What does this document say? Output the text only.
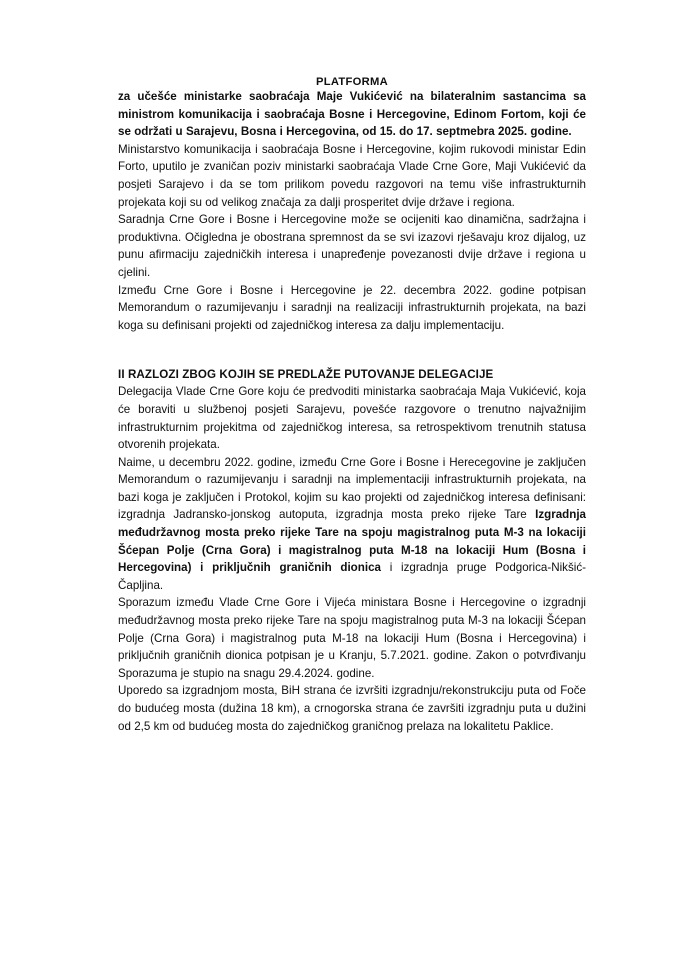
PLATFORMA

za učešće ministarke saobraćaja Maje Vukićević na bilateralnim sastancima sa ministrom komunikacija i saobraćaja Bosne i Hercegovine, Edinom Fortom, koji će se održati u Sarajevu, Bosna i Hercegovina, od 15. do 17. septmebra 2025. godine.

Ministarstvo komunikacija i saobraćaja Bosne i Hercegovine, kojim rukovodi ministar Edin Forto, uputilo je zvaničan poziv ministarki saobraćaja Vlade Crne Gore, Maji Vukićević da posjeti Sarajevo i da se tom prilikom povedu razgovori na temu više infrastrukturnih projekata koji su od velikog značaja za dalji prosperitet dvije države i regiona.

Saradnja Crne Gore i Bosne i Hercegovine može se ocijeniti kao dinamična, sadržajna i produktivna. Očigledna je obostrana spremnost da se svi izazovi rješavaju kroz dijalog, uz punu afirmaciju zajedničkih interesa i unapređenje povezanosti dvije države i regiona u cjelini.

Između Crne Gore i Bosne i Hercegovine je 22. decembra 2022. godine potpisan Memorandum o razumijevanju i saradnji na realizaciji infrastrukturnih projekata, na bazi koga su definisani projekti od zajedničkog interesa za dalju implementaciju.

II RAZLOZI ZBOG KOJIH SE PREDLAŽE PUTOVANJE DELEGACIJE

Delegacija Vlade Crne Gore koju će predvoditi ministarka saobraćaja Maja Vukićević, koja će boraviti u službenoj posjeti Sarajevu, povešće razgovore o trenutno najvažnijim infrastrukturnim projekitma od zajedničkog interesa, sa retrospektivom trenutnih statusa otvorenih projekata.

Naime, u decembru 2022. godine, između Crne Gore i Bosne i Herecegovine je zaključen Memorandum o razumijevanju i saradnji na implementaciji infrastrukturnih projekata, na bazi koga je zaključen i Protokol, kojim su kao projekti od zajedničkog interesa definisani: izgradnja Jadransko-jonskog autoputa, izgradnja mosta preko rijeke Tare Izgradnja međudržavnog mosta preko rijeke Tare na spoju magistralnog puta M-3 na lokaciji Šćepan Polje (Crna Gora) i magistralnog puta M-18 na lokaciji Hum (Bosna i Hercegovina) i priključnih graničnih dionica i izgradnja pruge Podgorica-Nikšić-Čapljina.

Sporazum između Vlade Crne Gore i Vijeća ministara Bosne i Hercegovine o izgradnji međudržavnog mosta preko rijeke Tare na spoju magistralnog puta M-3 na lokaciji Šćepan Polje (Crna Gora) i magistralnog puta M-18 na lokaciji Hum (Bosna i Hercegovina) i priključnih graničnih dionica potpisan je u Kranju, 5.7.2021. godine. Zakon o potvrđivanju Sporazuma je stupio na snagu 29.4.2024. godine.

Uporedo sa izgradnjom mosta, BiH strana će izvršiti izgradnju/rekonstrukciju puta od Foče do budućeg mosta (dužina 18 km), a crnogorska strana će završiti izgradnju puta u dužini od 2,5 km od budućeg mosta do zajedničkog graničnog prelaza na lokalitetu Paklice.
